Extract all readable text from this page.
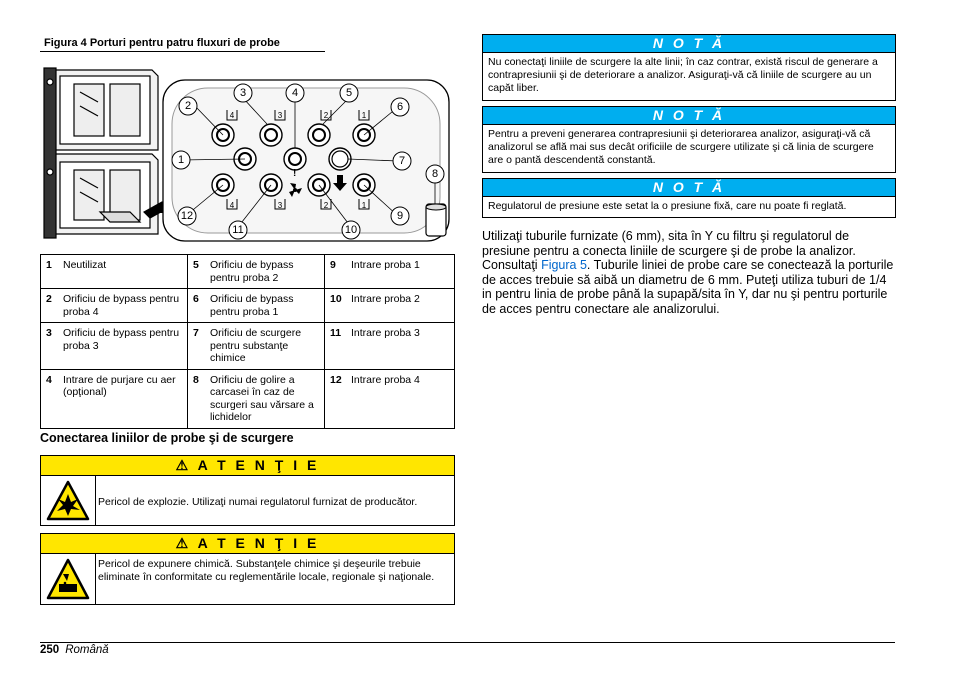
Figura 4 Porturi pentru patru fluxuri de probe
4	3	2	1
4	3	2	1
!
1
2
3	4	5
6
7
8
9
10
11
12
1	Neutilizat	5	Orificiu de bypass pentru proba 2	9	Intrare proba 1
2	Orificiu de bypass pentru proba 4	6	Orificiu de bypass pentru proba 1	10	Intrare proba 2
3	Orificiu de bypass pentru proba 3	7	Orificiu de scurgere pentru substanţe chimice	11	Intrare proba 3
4	Intrare de purjare cu aer (opţional)	8	Orificiu de golire a carcasei în caz de scurgeri sau vărsare a lichidelor	12	Intrare proba 4
Conectarea liniilor de probe şi de scurgere
⚠ A T E N Ţ I E
Pericol de explozie. Utilizaţi numai regulatorul furnizat de producător.
⚠ A T E N Ţ I E
Pericol de expunere chimică. Substanţele chimice şi deşeurile trebuie eliminate în conformitate cu reglementările locale, regionale şi naţionale.
N O T Ă
Nu conectaţi liniile de scurgere la alte linii; în caz contrar, există riscul de generare a contrapresiunii şi de deteriorare a analizor. Asiguraţi-vă că liniile de scurgere au un capăt liber.
N O T Ă
Pentru a preveni generarea contrapresiunii şi deteriorarea analizor, asiguraţi-vă că analizorul se află mai sus decât orificiile de scurgere utilizate şi că linia de scurgere are o pantă descendentă constantă.
N O T Ă
Regulatorul de presiune este setat la o presiune fixă, care nu poate fi reglată.
Utilizaţi tuburile furnizate (6 mm), sita în Y cu filtru şi regulatorul de presiune pentru a conecta liniile de scurgere şi de probe la analizor. Consultaţi Figura 5. Tuburile liniei de probe care se conectează la porturile de acces trebuie să aibă un diametru de 6 mm. Puteţi utiliza tuburi de 1/4 in pentru linia de probe până la supapă/sita în Y, dar nu şi pentru porturile de acces pentru conectare ale analizorului.
250 Română
